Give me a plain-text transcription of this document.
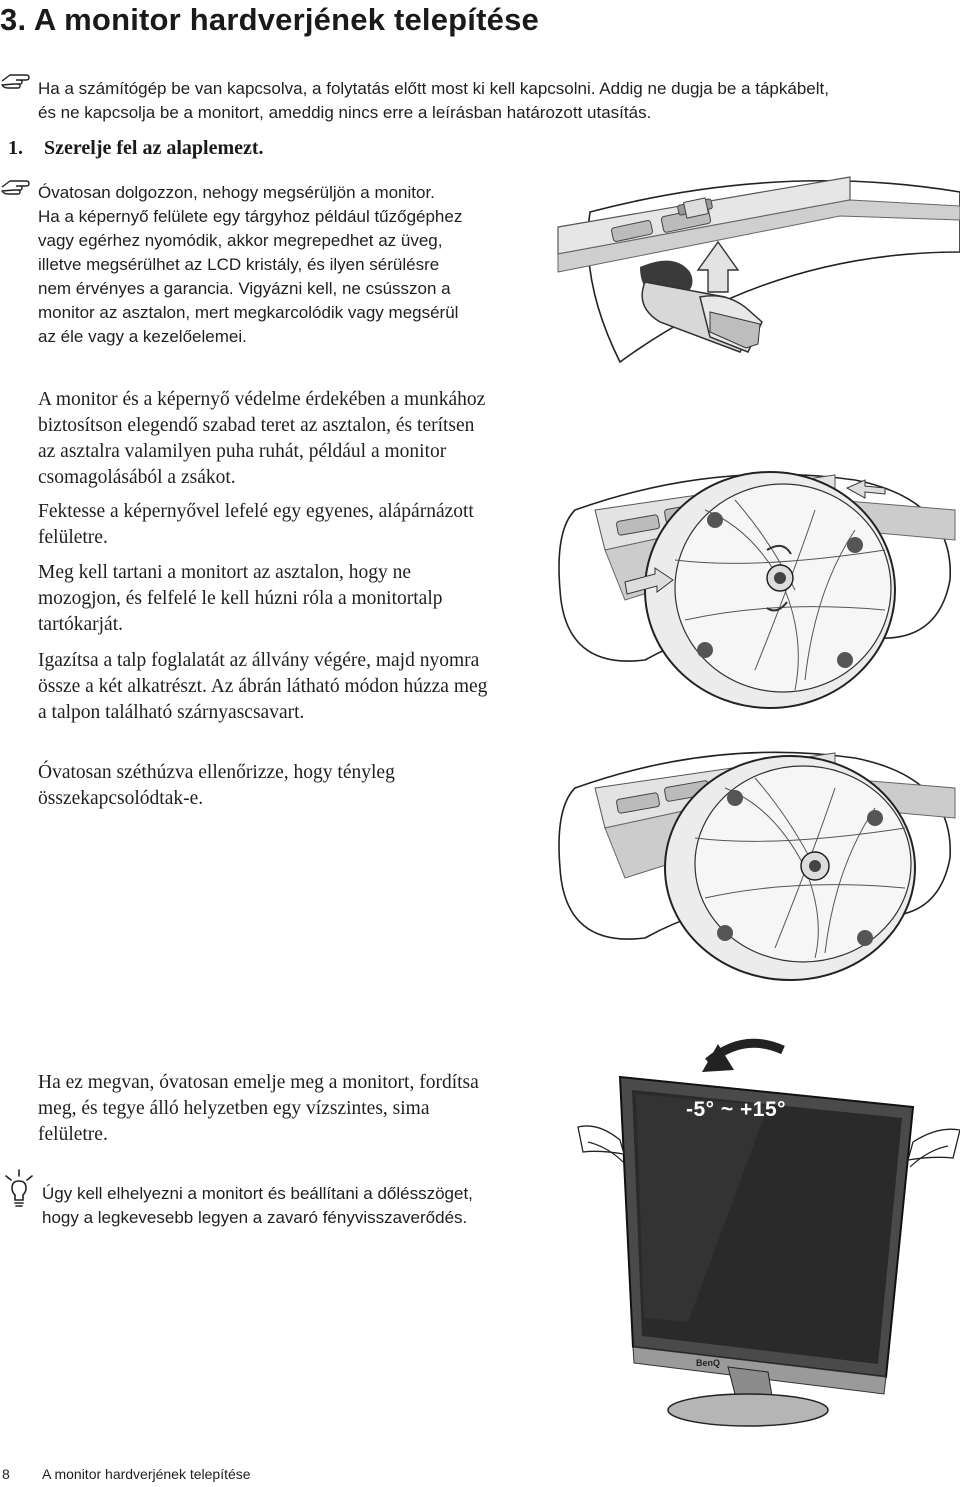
3. A monitor hardverjének telepítése
Ha a számítógép be van kapcsolva, a folytatás előtt most ki kell kapcsolni. Addig ne dugja be a tápkábelt,
és ne kapcsolja be a monitort, ameddig nincs erre a leírásban határozott utasítás.
1. Szerelje fel az alaplemezt.
Óvatosan dolgozzon, nehogy megsérüljön a monitor.
Ha a képernyő felülete egy tárgyhoz például tűzőgéphez
vagy egérhez nyomódik, akkor megrepedhet az üveg,
illetve megsérülhet az LCD kristály, és ilyen sérülésre
nem érvényes a garancia. Vigyázni kell, ne csússzon a
monitor az asztalon, mert megkarcolódik vagy megsérül
az éle vagy a kezelőelemei.
A monitor és a képernyő védelme érdekében a munkához
biztosítson elegendő szabad teret az asztalon, és terítsen
az asztalra valamilyen puha ruhát, például a monitor
csomagolásából a zsákot.
Fektesse a képernyővel lefelé egy egyenes, alápárnázott
felületre.
Meg kell tartani a monitort az asztalon, hogy ne
mozogjon, és felfelé le kell húzni róla a monitortalp
tartókarját.
Igazítsa a talp foglalatát az állvány végére, majd nyomra
össze a két alkatrészt. Az ábrán látható módon húzza meg
a talpon található szárnyascsavart.
Óvatosan széthúzva ellenőrizze, hogy tényleg
összekapcsolódtak-e.
Ha ez megvan, óvatosan emelje meg a monitort, fordítsa
meg, és tegye álló helyzetben egy vízszintes, sima
felületre.
Úgy kell elhelyezni a monitort és beállítani a dőlésszöget,
hogy a legkevesebb legyen a zavaró fényvisszaverődés.
-5° ~ +15°
BenQ
8 A monitor hardverjének telepítése
